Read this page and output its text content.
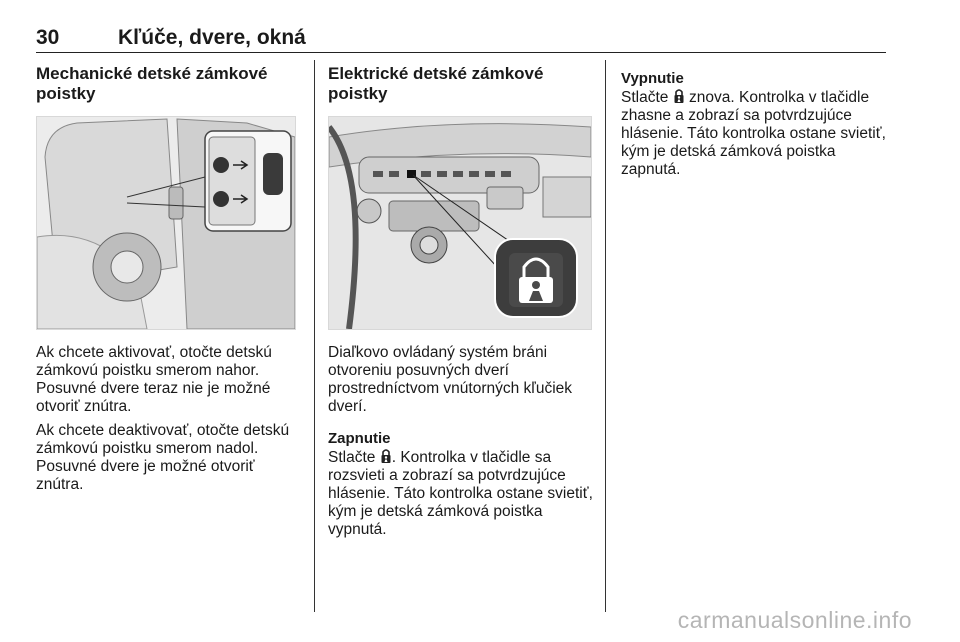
30	Kľúče, dvere, okná
Mechanické detské zámkové poistky

Ak chcete aktivovať, otočte detskú zámkovú poistku smerom nahor. Posuvné dvere teraz nie je možné otvoriť znútra.

Ak chcete deaktivovať, otočte detskú zámkovú poistku smerom nadol. Posuvné dvere je možné otvoriť znútra.

Elektrické detské zámkové poistky

Diaľkovo ovládaný systém bráni otvoreniu posuvných dverí prostredníctvom vnútorných kľučiek dverí.

Zapnutie

Stlačte . Kontrolka v tlačidle sa rozsvieti a zobrazí sa potvrdzujúce hlásenie. Táto kontrolka ostane svietiť, kým je detská zámková poistka vypnutá.

Vypnutie

Stlačte  znova. Kontrolka v tlačidle zhasne a zobrazí sa potvrdzujúce hlásenie. Táto kontrolka ostane svietiť, kým je detská zámková poistka zapnutá.

carmanualsonline.info
